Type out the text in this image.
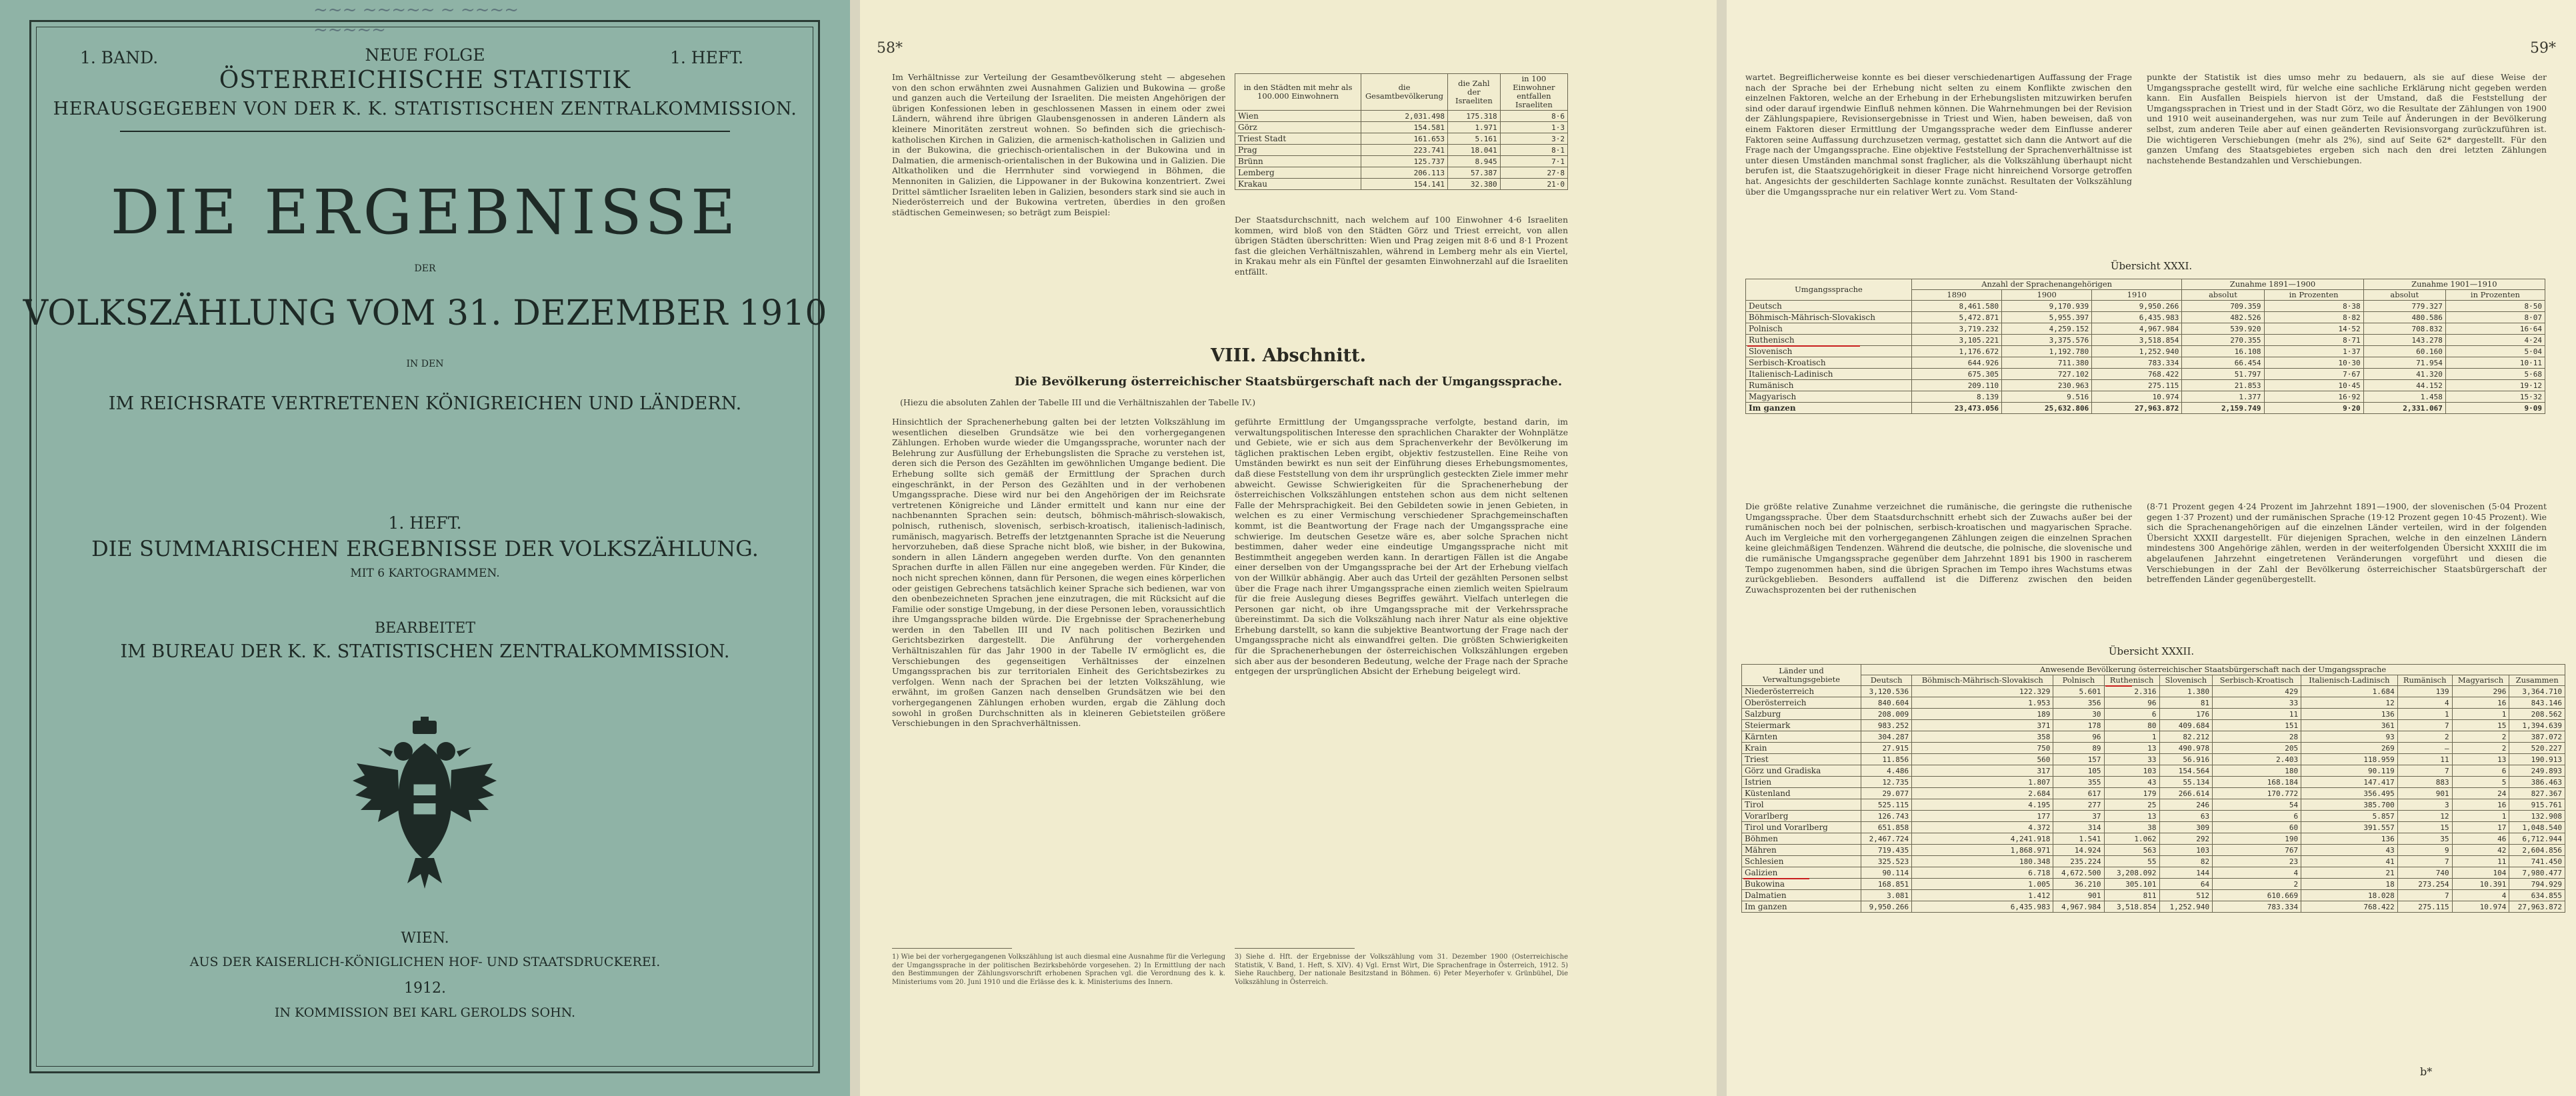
~~~ ~~~~~ ~ ~~~~ ~~~~~
1. BAND.	NEUE FOLGE	1. HEFT.
ÖSTERREICHISCHE STATISTIK
HERAUSGEGEBEN VON DER K. K. STATISTISCHEN ZENTRALKOMMISSION.
DIE ERGEBNISSE
DER
VOLKSZÄHLUNG VOM 31. DEZEMBER 1910
IN DEN
IM REICHSRATE VERTRETENEN KÖNIGREICHEN UND LÄNDERN.
1. HEFT.
DIE SUMMARISCHEN ERGEBNISSE DER VOLKSZÄHLUNG.
MIT 6 KARTOGRAMMEN.
BEARBEITET
IM BUREAU DER K. K. STATISTISCHEN ZENTRALKOMMISSION.
WIEN.
AUS DER KAISERLICH-KÖNIGLICHEN HOF- UND STAATSDRUCKEREI.
1912.
IN KOMMISSION BEI KARL GEROLDS SOHN.
58*
Im Verhältnisse zur Verteilung der Gesamtbevölkerung steht — abgesehen von den schon erwähnten zwei Ausnahmen Galizien und Bukowina — große und ganzen auch die Verteilung der Israeliten. Die meisten Angehörigen der übrigen Konfessionen leben in geschlossenen Massen in einem oder zwei Ländern, während ihre übrigen Glaubensgenossen in anderen Ländern als kleinere Minoritäten zerstreut wohnen. So befinden sich die griechisch-katholischen Kirchen in Galizien, die armenisch-katholischen in Galizien und in der Bukowina, die griechisch-orientalischen in der Bukowina und in Dalmatien, die armenisch-orientalischen in der Bukowina und in Galizien. Die Altkatholiken und die Herrnhuter sind vorwiegend in Böhmen, die Mennoniten in Galizien, die Lippowaner in der Bukowina konzentriert. Zwei Drittel sämtlicher Israeliten leben in Galizien, besonders stark sind sie auch in Niederösterreich und der Bukowina vertreten, überdies in den großen städtischen Gemeinwesen; so beträgt zum Beispiel:
in den Städten mit mehr als 100.000 Einwohnern	die Gesamtbevölkerung	die Zahl der Israeliten	in 100 Einwohner entfallen Israeliten
Wien	2,031.498	175.318	8·6
Görz	154.581	1.971	1·3
Triest Stadt	161.653	5.161	3·2
Prag	223.741	18.041	8·1
Brünn	125.737	8.945	7·1
Lemberg	206.113	57.387	27·8
Krakau	154.141	32.380	21·0
Der Staatsdurchschnitt, nach welchem auf 100 Einwohner 4·6 Israeliten kommen, wird bloß von den Städten Görz und Triest erreicht, von allen übrigen Städten überschritten: Wien und Prag zeigen mit 8·6 und 8·1 Prozent fast die gleichen Verhältniszahlen, während in Lemberg mehr als ein Viertel, in Krakau mehr als ein Fünftel der gesamten Einwohnerzahl auf die Israeliten entfällt.
VIII. Abschnitt.
Die Bevölkerung österreichischer Staatsbürgerschaft nach der Umgangssprache.
(Hiezu die absoluten Zahlen der Tabelle III und die Verhältniszahlen der Tabelle IV.)
Hinsichtlich der Sprachenerhebung galten bei der letzten Volkszählung im wesentlichen dieselben Grundsätze wie bei den vorhergegangenen Zählungen. Erhoben wurde wieder die Umgangssprache, worunter nach der Belehrung zur Ausfüllung der Erhebungslisten die Sprache zu verstehen ist, deren sich die Person des Gezählten im gewöhnlichen Umgange bedient. Die Erhebung sollte sich gemäß der Ermittlung der Sprachen durch eingeschränkt, in der Person des Gezählten und in der verhobenen Umgangssprache. Diese wird nur bei den Angehörigen der im Reichsrate vertretenen Königreiche und Länder ermittelt und kann nur eine der nachbenannten Sprachen sein: deutsch, böhmisch-mährisch-slowakisch, polnisch, ruthenisch, slovenisch, serbisch-kroatisch, italienisch-ladinisch, rumänisch, magyarisch. Betreffs der letztgenannten Sprache ist die Neuerung hervorzuheben, daß diese Sprache nicht bloß, wie bisher, in der Bukowina, sondern in allen Ländern angegeben werden durfte. Von den genannten Sprachen durfte in allen Fällen nur eine angegeben werden. Für Kinder, die noch nicht sprechen können, dann für Personen, die wegen eines körperlichen oder geistigen Gebrechens tatsächlich keiner Sprache sich bedienen, war von den obenbezeichneten Sprachen jene einzutragen, die mit Rücksicht auf die Familie oder sonstige Umgebung, in der diese Personen leben, voraussichtlich ihre Umgangssprache bilden würde. Die Ergebnisse der Sprachenerhebung werden in den Tabellen III und IV nach politischen Bezirken und Gerichtsbezirken dargestellt. Die Anführung der vorhergehenden Verhältniszahlen für das Jahr 1900 in der Tabelle IV ermöglicht es, die Verschiebungen des gegenseitigen Verhältnisses der einzelnen Umgangssprachen bis zur territorialen Einheit des Gerichtsbezirkes zu verfolgen. Wenn nach der Sprachen bei der letzten Volkszählung, wie erwähnt, im großen Ganzen nach denselben Grundsätzen wie bei den vorhergegangenen Zählungen erhoben wurden, ergab die Zählung doch sowohl in großen Durchschnitten als in kleineren Gebietsteilen größere Verschiebungen in den Sprachverhältnissen.
geführte Ermittlung der Umgangssprache verfolgte, bestand darin, im verwaltungspolitischen Interesse den sprachlichen Charakter der Wohnplätze und Gebiete, wie er sich aus dem Sprachenverkehr der Bevölkerung im täglichen praktischen Leben ergibt, objektiv festzustellen. Eine Reihe von Umständen bewirkt es nun seit der Einführung dieses Erhebungsmomentes, daß diese Feststellung von dem ihr ursprünglich gesteckten Ziele immer mehr abweicht. Gewisse Schwierigkeiten für die Sprachenerhebung der österreichischen Volkszählungen entstehen schon aus dem nicht seltenen Falle der Mehrsprachigkeit. Bei den Gebildeten sowie in jenen Gebieten, in welchen es zu einer Vermischung verschiedener Sprachgemeinschaften kommt, ist die Beantwortung der Frage nach der Umgangssprache eine schwierige. Im deutschen Gesetze wäre es, aber solche Sprachen nicht bestimmen, daher weder eine eindeutige Umgangssprache nicht mit Bestimmtheit angegeben werden kann. In derartigen Fällen ist die Angabe einer derselben von der Umgangssprache bei der Art der Erhebung vielfach von der Willkür abhängig. Aber auch das Urteil der gezählten Personen selbst über die Frage nach ihrer Umgangssprache einen ziemlich weiten Spielraum für die freie Auslegung dieses Begriffes gewährt. Vielfach unterlegen die Personen gar nicht, ob ihre Umgangssprache mit der Verkehrssprache übereinstimmt. Da sich die Volkszählung nach ihrer Natur als eine objektive Erhebung darstellt, so kann die subjektive Beantwortung der Frage nach der Umgangssprache nicht als einwandfrei gelten. Die größten Schwierigkeiten für die Sprachenerhebungen der österreichischen Volkszählungen ergeben sich aber aus der besonderen Bedeutung, welche der Frage nach der Sprache entgegen der ursprünglichen Absicht der Erhebung beigelegt wird.
1) Wie bei der vorhergegangenen Volkszählung ist auch diesmal eine Ausnahme für die Verlegung der Umgangssprache in der politischen Bezirksbehörde vorgesehen. 2) In Ermittlung der nach den Bestimmungen der Zählungsvorschrift erhobenen Sprachen vgl. die Verordnung des k. k. Ministeriums vom 20. Juni 1910 und die Erlässe des k. k. Ministeriums des Innern.
3) Siehe d. Hft. der Ergebnisse der Volkszählung vom 31. Dezember 1900 (Österreichische Statistik, V. Band, 1. Heft, S. XIV). 4) Vgl. Ernst Wirt, Die Sprachenfrage in Österreich, 1912. 5) Siehe Rauchberg, Der nationale Besitzstand in Böhmen. 6) Peter Meyerhofer v. Grünbühel, Die Volkszählung in Österreich.
59*
wartet. Begreiflicherweise konnte es bei dieser verschiedenartigen Auffassung der Frage nach der Sprache bei der Erhebung nicht selten zu einem Konflikte zwischen den einzelnen Faktoren, welche an der Erhebung in der Erhebungslisten mitzuwirken berufen sind oder darauf irgendwie Einfluß nehmen können. Die Wahrnehmungen bei der Revision der Zählungspapiere, Revisionsergebnisse in Triest und Wien, haben beweisen, daß von einem Faktoren dieser Ermittlung der Umgangssprache weder dem Einflusse anderer Faktoren seine Auffassung durchzusetzen vermag, gestattet sich dann die Antwort auf die Frage nach der Umgangssprache. Eine objektive Feststellung der Sprachenverhältnisse ist unter diesen Umständen manchmal sonst fraglicher, als die Volkszählung überhaupt nicht berufen ist, die Staatszugehörigkeit in dieser Frage nicht hinreichend Vorsorge getroffen hat. Angesichts der geschilderten Sachlage konnte zunächst. Resultaten der Volkszählung über die Umgangssprache nur ein relativer Wert zu. Vom Stand-
punkte der Statistik ist dies umso mehr zu bedauern, als sie auf diese Weise der Umgangssprache gestellt wird, für welche eine sachliche Erklärung nicht gegeben werden kann. Ein Ausfallen Beispiels hiervon ist der Umstand, daß die Feststellung der Umgangssprachen in Triest und in der Stadt Görz, wo die Resultate der Zählungen von 1900 und 1910 weit auseinandergehen, was nur zum Teile auf Änderungen in der Bevölkerung selbst, zum anderen Teile aber auf einen geänderten Revisionsvorgang zurückzuführen ist. Die wichtigeren Verschiebungen (mehr als 2%), sind auf Seite 62* dargestellt. Für den ganzen Umfang des Staatsgebietes ergeben sich nach den drei letzten Zählungen nachstehende Bestandzahlen und Verschiebungen.
Übersicht XXXI.
Umgangssprache	Anzahl der Sprachenangehörigen			Zunahme 1891—1900		Zunahme 1901—1910	
	1890	1900	1910	absolut	in Prozenten	absolut	in Prozenten
Deutsch	8,461.580	9,170.939	9,950.266	709.359	8·38	779.327	8·50
Böhmisch-Mährisch-Slovakisch	5,472.871	5,955.397	6,435.983	482.526	8·82	480.586	8·07
Polnisch	3,719.232	4,259.152	4,967.984	539.920	14·52	708.832	16·64
Ruthenisch	3,105.221	3,375.576	3,518.854	270.355	8·71	143.278	4·24
Slovenisch	1,176.672	1,192.780	1,252.940	16.108	1·37	60.160	5·04
Serbisch-Kroatisch	644.926	711.380	783.334	66.454	10·30	71.954	10·11
Italienisch-Ladinisch	675.305	727.102	768.422	51.797	7·67	41.320	5·68
Rumänisch	209.110	230.963	275.115	21.853	10·45	44.152	19·12
Magyarisch	8.139	9.516	10.974	1.377	16·92	1.458	15·32
Im ganzen	23,473.056	25,632.806	27,963.872	2,159.749	9·20	2,331.067	9·09
Die größte relative Zunahme verzeichnet die rumänische, die geringste die ruthenische Umgangssprache. Über dem Staatsdurchschnitt erhebt sich der Zuwachs außer bei der rumänischen noch bei der polnischen, serbisch-kroatischen und magyarischen Sprache. Auch im Vergleiche mit den vorhergegangenen Zählungen zeigen die einzelnen Sprachen keine gleichmäßigen Tendenzen. Während die deutsche, die polnische, die slovenische und die rumänische Umgangssprache gegenüber dem Jahrzehnt 1891 bis 1900 in rascherem Tempo zugenommen haben, sind die übrigen Sprachen im Tempo ihres Wachstums etwas zurückgeblieben. Besonders auffallend ist die Differenz zwischen den beiden Zuwachsprozenten bei der ruthenischen
(8·71 Prozent gegen 4·24 Prozent im Jahrzehnt 1891—1900, der slovenischen (5·04 Prozent gegen 1·37 Prozent) und der rumänischen Sprache (19·12 Prozent gegen 10·45 Prozent). Wie sich die Sprachenangehörigen auf die einzelnen Länder verteilen, wird in der folgenden Übersicht XXXII dargestellt. Für diejenigen Sprachen, welche in den einzelnen Ländern mindestens 300 Angehörige zählen, werden in der weiterfolgenden Übersicht XXXIII die im abgelaufenen Jahrzehnt eingetretenen Veränderungen vorgeführt und diesen die Verschiebungen in der Zahl der Bevölkerung österreichischer Staatsbürgerschaft der betreffenden Länder gegenübergestellt.
Übersicht XXXII.
Länder und Verwaltungsgebiete	Anwesende Bevölkerung österreichischer Staatsbürgerschaft nach der Umgangssprache									
	Deutsch	Böhmisch-Mährisch-Slovakisch	Polnisch	Ruthenisch	Slovenisch	Serbisch-Kroatisch	Italienisch-Ladinisch	Rumänisch	Magyarisch	Zusammen
Niederösterreich	3,120.536	122.329	5.601	2.316	1.380	429	1.684	139	296	3,364.710
Oberösterreich	840.604	1.953	356	96	81	33	12	4	16	843.146
Salzburg	208.009	189	30	6	176	11	136	1	1	208.562
Steiermark	983.252	371	178	80	409.684	151	361	7	15	1,394.639
Kärnten	304.287	358	96	1	82.212	28	93	2	2	387.072
Krain	27.915	750	89	13	490.978	205	269	—	2	520.227
Triest	11.856	560	157	33	56.916	2.403	118.959	11	13	190.913
Görz und Gradiska	4.486	317	105	103	154.564	180	90.119	7	6	249.893
Istrien	12.735	1.807	355	43	55.134	168.184	147.417	883	5	386.463
Küstenland	29.077	2.684	617	179	266.614	170.772	356.495	901	24	827.367
Tirol	525.115	4.195	277	25	246	54	385.700	3	16	915.761
Vorarlberg	126.743	177	37	13	63	6	5.857	12	1	132.908
Tirol und Vorarlberg	651.858	4.372	314	38	309	60	391.557	15	17	1,048.540
Böhmen	2,467.724	4,241.918	1.541	1.062	292	190	136	35	46	6,712.944
Mähren	719.435	1,868.971	14.924	563	103	767	43	9	42	2,604.856
Schlesien	325.523	180.348	235.224	55	82	23	41	7	11	741.450
Galizien	90.114	6.718	4,672.500	3,208.092	144	4	21	740	104	7,980.477
Bukowina	168.851	1.005	36.210	305.101	64	2	18	273.254	10.391	794.929
Dalmatien	3.081	1.412	901	811	512	610.669	18.028	7	4	634.855
Im ganzen	9,950.266	6,435.983	4,967.984	3,518.854	1,252.940	783.334	768.422	275.115	10.974	27,963.872
b*
